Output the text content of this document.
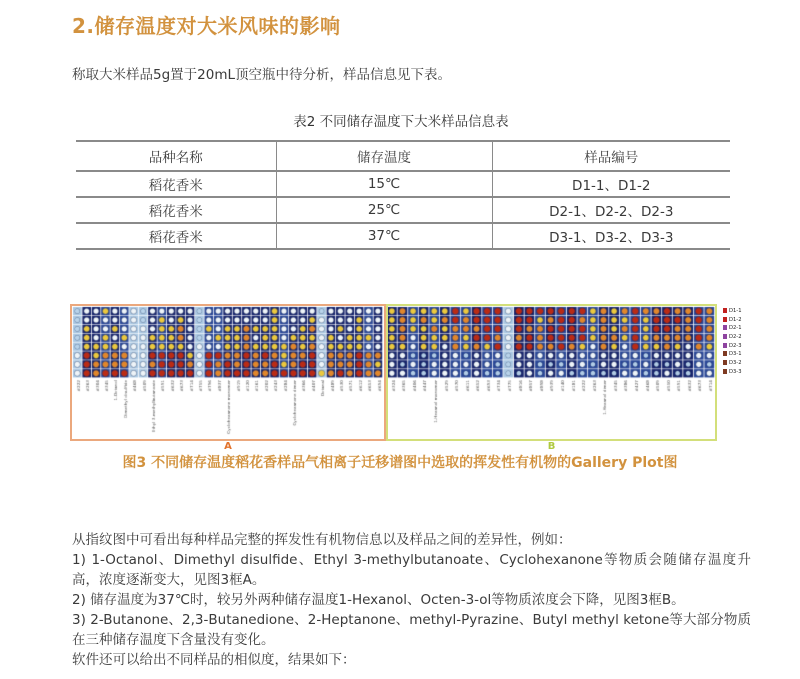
2.储存温度对大米风味的影响

称取大米样品5g置于20mL顶空瓶中待分析，样品信息见下表。

表2 不同储存温度下大米样品信息表
品种名称	储存温度	样品编号
稻花香米	15℃	D1-1、D1-2
稻花香米	25℃	D2-1、D2-2、D2-3
稻花香米	37℃	D3-1、D3-2、D3-3
A	B
D1-1
D1-2
D2-1
D2-2
D2-3
D3-1
D3-2
D3-3

图3 不同储存温度稻花香样品气相离子迁移谱图中选取的挥发性有机物的Gallery Plot图

从指纹图中可看出每种样品完整的挥发性有机物信息以及样品之间的差异性，例如：

1) 1-Octanol、Dimethyl disulfide、Ethyl 3-methylbutanoate、Cyclohexanone等物质会随储存温度升高，浓度逐渐变大，见图3框A。

2) 储存温度为37℃时，较另外两种储存温度1-Hexanol、Octen-3-ol等物质浓度会下降，见图3框B。

3) 2-Butanone、2,3-Butanedione、2-Heptanone、methyl-Pyrazine、Butyl methyl ketone等大部分物质在三种储存温度下含量没有变化。

软件还可以给出不同样品的相似度，结果如下：
